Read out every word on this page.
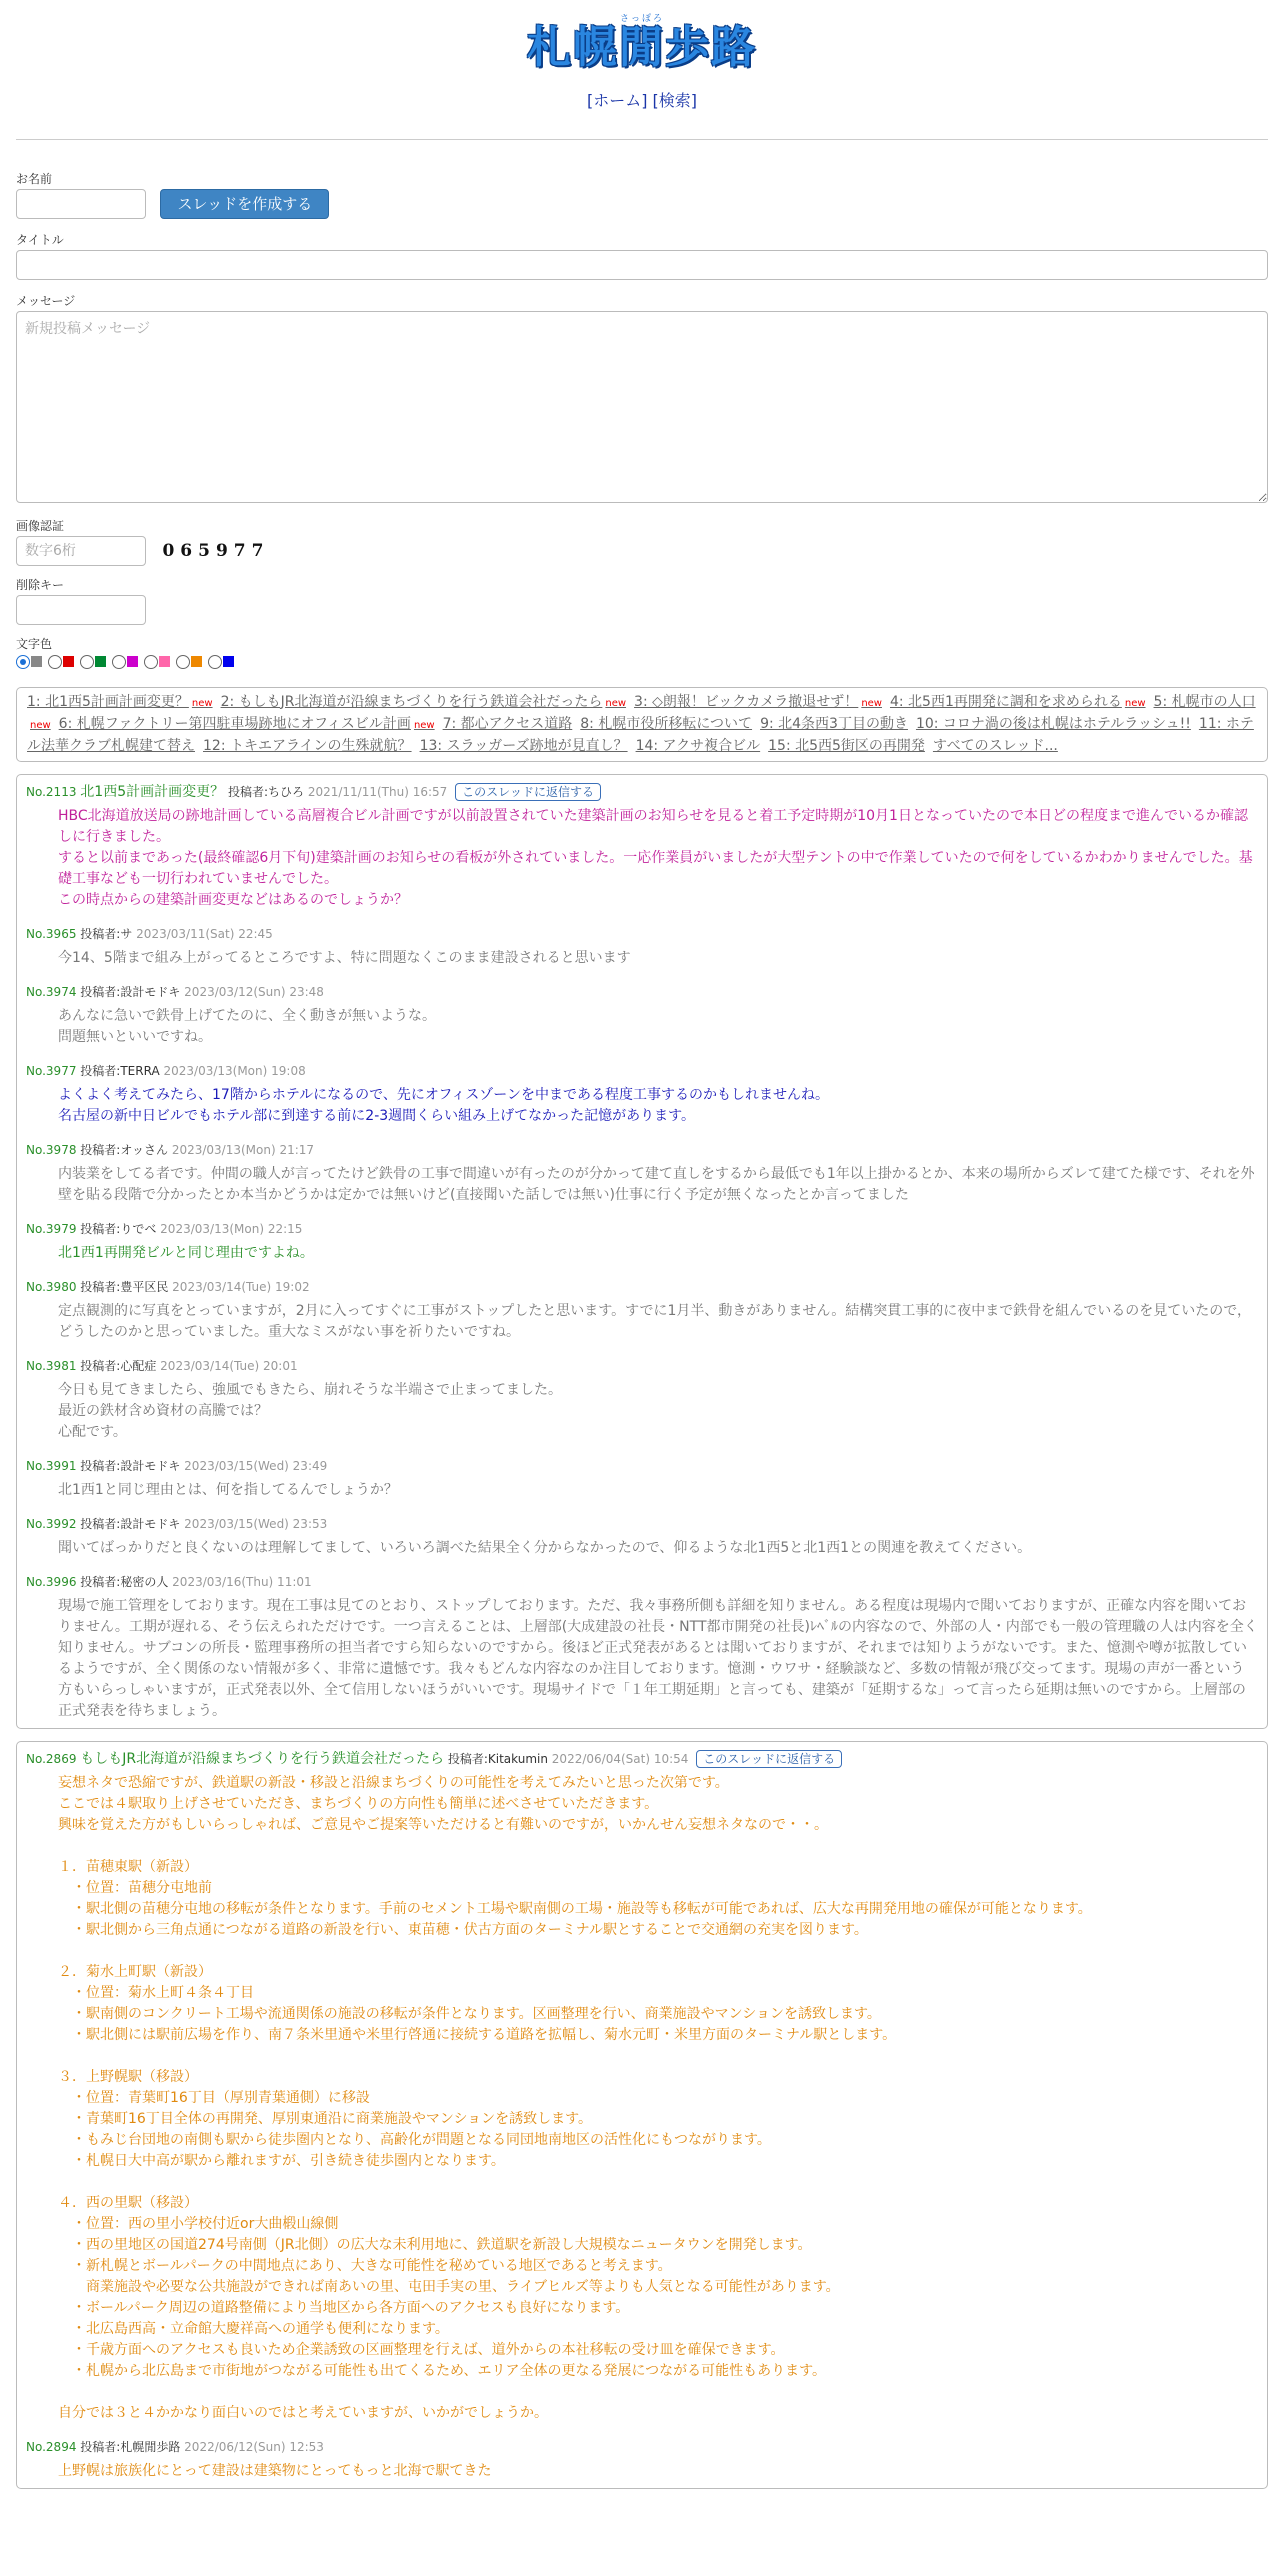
さっぽろ
札幌閒歩路
[ホーム] [検索]
お名前
スレッドを作成する
タイトル
メッセージ
新規投稿メッセージ
画像認証
数字6桁 065977
削除キー
文字色
1: 北1西5計画計画変更？ new 2: もしもJR北海道が沿線まちづくりを行う鉄道会社だったら new 3: ◇朗報！ビックカメラ撤退せず！ new 4: 北5西1再開発に調和を求められる new 5: 札幌市の人口new 6: 札幌ファクトリー第四駐車場跡地にオフィスビル計画 new 7: 都心アクセス道路 8: 札幌市役所移転について 9: 北4条西3丁目の動き 10: コロナ渦の後は札幌はホテルラッシュ!! 11: ホテル法華クラブ札幌建て替え 12: トキエアラインの生殊就航？ 13: スラッガーズ跡地が見直し？ 14: アクサ複合ビル 15: 北5西5街区の再開発 すべてのスレッド...
No.2113 北1西5計画計画変更？ 投稿者:ちひろ 2021/11/11(Thu) 16:57 このスレッドに返信する
HBC北海道放送局の跡地計画している高層複合ビル計画ですが以前設置されていた建築計画のお知らせを見ると着工予定時期が10月1日となっていたので本日どの程度まで進んでいるか確認しに行きました。
すると以前まであった(最終確認6月下旬)建築計画のお知らせの看板が外されていました。一応作業員がいましたが大型テントの中で作業していたので何をしているかわかりませんでした。基礎工事なども一切行われていませんでした。
この時点からの建築計画変更などはあるのでしょうか？
No.3965 投稿者:サ 2023/03/11(Sat) 22:45
今14、5階まで組み上がってるところですよ、特に問題なくこのまま建設されると思います
No.3974 投稿者:設計モドキ 2023/03/12(Sun) 23:48
あんなに急いで鉄骨上げてたのに、全く動きが無いような。
問題無いといいですね。
No.3977 投稿者:TERRA 2023/03/13(Mon) 19:08
よくよく考えてみたら、17階からホテルになるので、先にオフィスゾーンを中まである程度工事するのかもしれませんね。
名古屋の新中日ビルでもホテル部に到達する前に2-3週間くらい組み上げてなかった記憶があります。
No.3978 投稿者:オッさん 2023/03/13(Mon) 21:17
内装業をしてる者です。仲間の職人が言ってたけど鉄骨の工事で間違いが有ったのが分かって建て直しをするから最低でも1年以上掛かるとか、本来の場所からズレて建てた様です、それを外壁を貼る段階で分かったとか本当かどうかは定かでは無いけど(直接聞いた話しでは無い)仕事に行く予定が無くなったとか言ってました
No.3979 投稿者:りでべ 2023/03/13(Mon) 22:15
北1西1再開発ビルと同じ理由ですよね。
No.3980 投稿者:豊平区民 2023/03/14(Tue) 19:02
定点観測的に写真をとっていますが，2月に入ってすぐに工事がストップしたと思います。すでに1月半、動きがありません。結構突貫工事的に夜中まで鉄骨を組んでいるのを見ていたので，どうしたのかと思っていました。重大なミスがない事を祈りたいですね。
No.3981 投稿者:心配症 2023/03/14(Tue) 20:01
今日も見てきましたら、強風でもきたら、崩れそうな半端さで止まってました。
最近の鉄材含め資材の高騰では？
心配です。
No.3991 投稿者:設計モドキ 2023/03/15(Wed) 23:49
北1西1と同じ理由とは、何を指してるんでしょうか？
No.3992 投稿者:設計モドキ 2023/03/15(Wed) 23:53
聞いてばっかりだと良くないのは理解してまして、いろいろ調べた結果全く分からなかったので、仰るような北1西5と北1西1との関連を教えてください。
No.3996 投稿者:秘密の人 2023/03/16(Thu) 11:01
現場で施工管理をしております。現在工事は見てのとおり、ストップしております。ただ、我々事務所側も詳細を知りません。ある程度は現場内で聞いておりますが、正確な内容を聞いておりません。工期が遅れる、そう伝えられただけです。一つ言えることは、上層部(大成建設の社長・NTT都市開発の社長)ﾚﾍﾞﾙの内容なので、外部の人・内部でも一般の管理職の人は内容を全く知りません。サブコンの所長・監理事務所の担当者ですら知らないのですから。後ほど正式発表があるとは聞いておりますが、それまでは知りようがないです。また、憶測や噂が拡散しているようですが、全く関係のない情報が多く、非常に遺憾です。我々もどんな内容なのか注目しております。憶測・ウワサ・経験談など、多数の情報が飛び交ってます。現場の声が一番という方もいらっしゃいますが，正式発表以外、全て信用しないほうがいいです。現場サイドで「１年工期延期」と言っても、建築が「延期するな」って言ったら延期は無いのですから。上層部の正式発表を待ちましょう。
No.2869 もしもJR北海道が沿線まちづくりを行う鉄道会社だったら 投稿者:Kitakumin 2022/06/04(Sat) 10:54 このスレッドに返信する
妄想ネタで恐縮ですが、鉄道駅の新設・移設と沿線まちづくりの可能性を考えてみたいと思った次第です。
ここでは４駅取り上げさせていただき、まちづくりの方向性も簡単に述べさせていただきます。
興味を覚えた方がもしいらっしゃれば、ご意見やご提案等いただけると有難いのですが，いかんせん妄想ネタなので・・。

１．苗穂東駅（新設）
　・位置：苗穂分屯地前
　・駅北側の苗穂分屯地の移転が条件となります。手前のセメント工場や駅南側の工場・施設等も移転が可能であれば、広大な再開発用地の確保が可能となります。
　・駅北側から三角点通につながる道路の新設を行い、東苗穂・伏古方面のターミナル駅とすることで交通網の充実を図ります。

２．菊水上町駅（新設）
　・位置：菊水上町４条４丁目
　・駅南側のコンクリート工場や流通関係の施設の移転が条件となります。区画整理を行い、商業施設やマンションを誘致します。
　・駅北側には駅前広場を作り、南７条米里通や米里行啓通に接続する道路を拡幅し、菊水元町・米里方面のターミナル駅とします。

３．上野幌駅（移設）
　・位置：青葉町16丁目（厚別青葉通側）に移設
　・青葉町16丁目全体の再開発、厚別東通沿に商業施設やマンションを誘致します。
　・もみじ台団地の南側も駅から徒歩圏内となり、高齢化が問題となる同団地南地区の活性化にもつながります。
　・札幌日大中高が駅から離れますが、引き続き徒歩圏内となります。

４．西の里駅（移設）
　・位置：西の里小学校付近or大曲椴山線側
　・西の里地区の国道274号南側（JR北側）の広大な未利用地に、鉄道駅を新設し大規模なニュータウンを開発します。
　・新札幌とボールパークの中間地点にあり、大きな可能性を秘めている地区であると考えます。
　　商業施設や必要な公共施設ができれば南あいの里、屯田手実の里、ライブヒルズ等よりも人気となる可能性があります。
　・ボールパーク周辺の道路整備により当地区から各方面へのアクセスも良好になります。
　・北広島西高・立命館大慶祥高への通学も便利になります。
　・千歳方面へのアクセスも良いため企業誘致の区画整理を行えば、道外からの本社移転の受け皿を確保できます。
　・札幌から北広島まで市街地がつながる可能性も出てくるため、エリア全体の更なる発展につながる可能性もあります。

自分では３と４かかなり面白いのではと考えていますが、いかがでしょうか。
No.2894 投稿者:札幌閒歩路 2022/06/12(Sun) 12:53
上野幌は旅族化にとって建設は建築物にとってもっと北海で駅てきた
